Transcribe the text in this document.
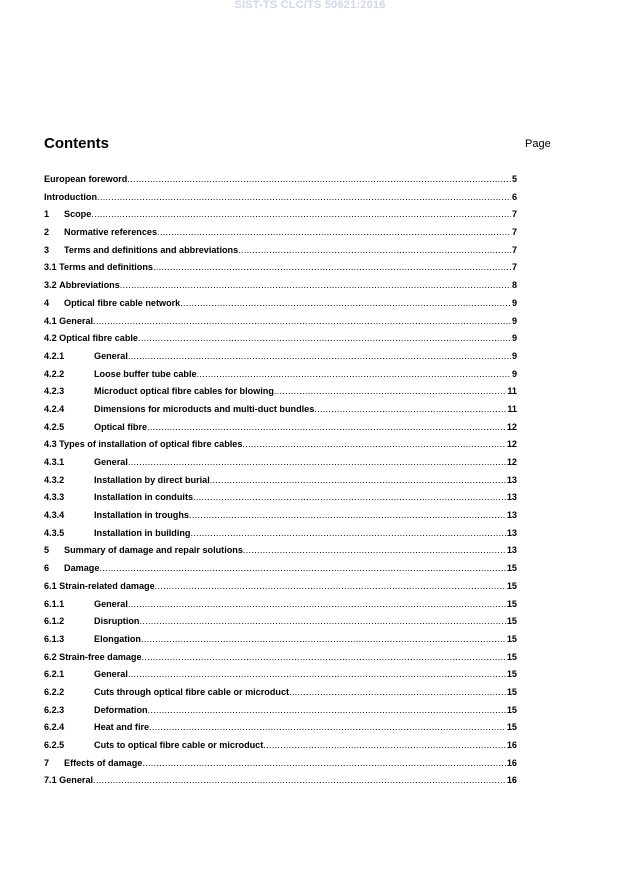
SIST-TS CLC/TS 50621:2016
Contents	Page
European foreword .....	5
Introduction .....	6
1	Scope .....	7
2	Normative references .....	7
3	Terms and definitions and abbreviations .....	7
3.1 Terms and definitions .....	7
3.2 Abbreviations .....	8
4	Optical fibre cable network .....	9
4.1 General .....	9
4.2 Optical fibre cable .....	9
4.2.1	General .....	9
4.2.2	Loose buffer tube cable .....	9
4.2.3	Microduct optical fibre cables for blowing .....	11
4.2.4	Dimensions for microducts and multi-duct bundles .....	11
4.2.5	Optical fibre .....	12
4.3 Types of installation of optical fibre cables .....	12
4.3.1	General .....	12
4.3.2	Installation by direct burial .....	13
4.3.3	Installation in conduits .....	13
4.3.4	Installation in troughs .....	13
4.3.5	Installation in building .....	13
5	Summary of damage and repair solutions .....	13
6	Damage .....	15
6.1 Strain-related damage .....	15
6.1.1	General .....	15
6.1.2	Disruption .....	15
6.1.3	Elongation .....	15
6.2 Strain-free damage .....	15
6.2.1	General .....	15
6.2.2	Cuts through optical fibre cable or microduct .....	15
6.2.3	Deformation .....	15
6.2.4	Heat and fire .....	15
6.2.5	Cuts to optical fibre cable or microduct .....	16
7	Effects of damage .....	16
7.1 General .....	16
